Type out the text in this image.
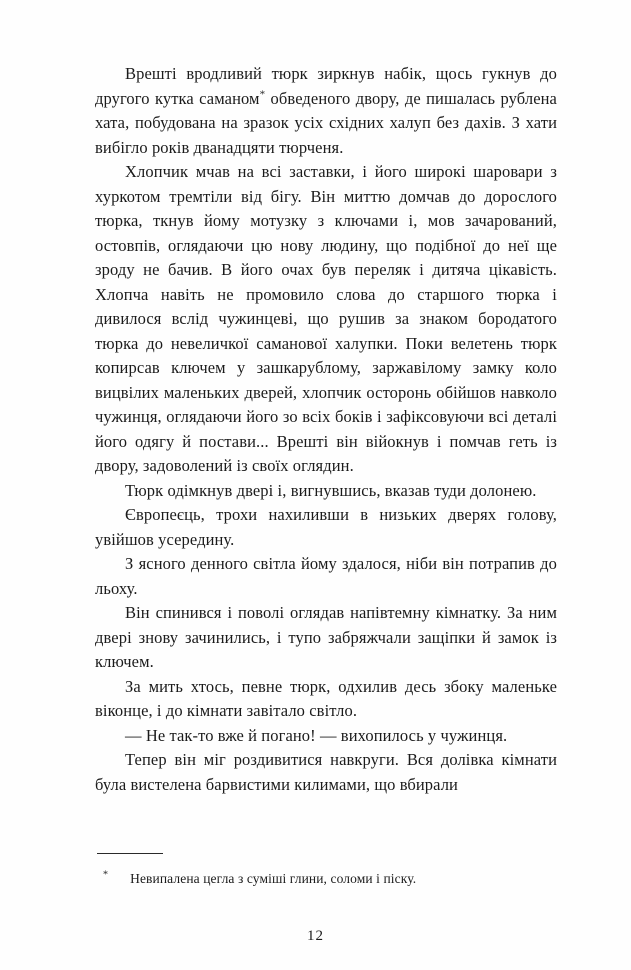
Врешті вродливий тюрк зиркнув набік, щось гукнув до другого кутка саманом* обведеного двору, де пишалась рублена хата, побудована на зразок усіх східних халуп без дахів. З хати вибігло років дванадцяти тюрченя.

Хлопчик мчав на всі заставки, і його широкі шаровари з хуркотом тремтіли від бігу. Він миттю домчав до дорослого тюрка, ткнув йому мотузку з ключами і, мов зачарований, остовпів, оглядаючи цю нову людину, що подібної до неї ще зроду не бачив. В його очах був переляк і дитяча цікавість. Хлопча навіть не промовило слова до старшого тюрка і дивилося вслід чужинцеві, що рушив за знаком бородатого тюрка до невеличкої саманової халупки. Поки велетень тюрк копирсав ключем у зашкарублому, заржавілому замку коло вицвілих маленьких дверей, хлопчик осторонь обійшов навколо чужинця, оглядаючи його зо всіх боків і зафіксовуючи всі деталі його одягу й постави... Врешті він війокнув і помчав геть із двору, задоволений із своїх оглядин.

Тюрк одімкнув двері і, вигнувшись, вказав туди долонею.

Європеєць, трохи нахиливши в низьких дверях голову, увійшов усередину.

З ясного денного світла йому здалося, ніби він потрапив до льоху.

Він спинився і поволі оглядав напівтемну кімнатку. За ним двері знову зачинились, і тупо забряжчали защіпки й замок із ключем.

За мить хтось, певне тюрк, одхилив десь збоку маленьке віконце, і до кімнати завітало світло.

— Не так-то вже й погано! — вихопилось у чужинця.

Тепер він міг роздивитися навкруги. Вся долівка кімнати була вистелена барвистими килимами, що вбирали

* Невипалена цегла з суміші глини, соломи і піску.

12
